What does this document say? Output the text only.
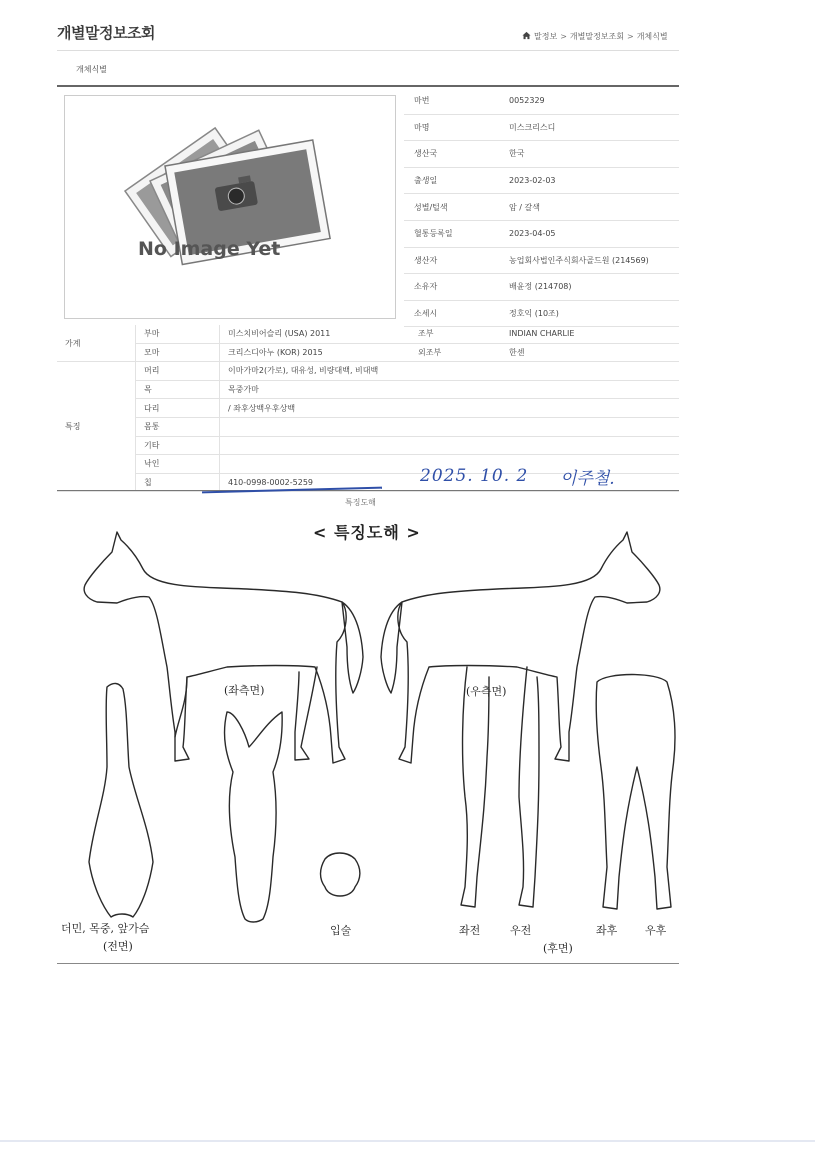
개별말정보조회	말정보 > 개별말정보조회 > 개체식별
개체식별
No Image Yet
마번	0052329
마명	미스크리스디
생산국	한국
출생일	2023-02-03
성별/털색	암 / 갈색
혈통등록일	2023-04-05
생산자	농업회사법인주식회사골드원 (214569)
소유자	배윤정 (214708)
소세시	정호익 (10조)
가계	부마	미스치비어슬리 (USA) 2011	조부	INDIAN CHARLIE
	모마	크리스디아누 (KOR) 2015	외조부	한센
특징	머리	이마가마2(가로), 대유성, 비량대백, 비대백		
	목	목중가마		
	다리	/ 좌후상백우후상백		
	몸통			
	기타			
	낙인			
	칩	410-0998-0002-5259			2025. 10. 2 이주철.
특징도해
< 특징도해 >
(좌측면)	(우측면)
더민, 목중, 앞가슴
(전면)
입술	좌전	우전
(후면)
좌후	우후
